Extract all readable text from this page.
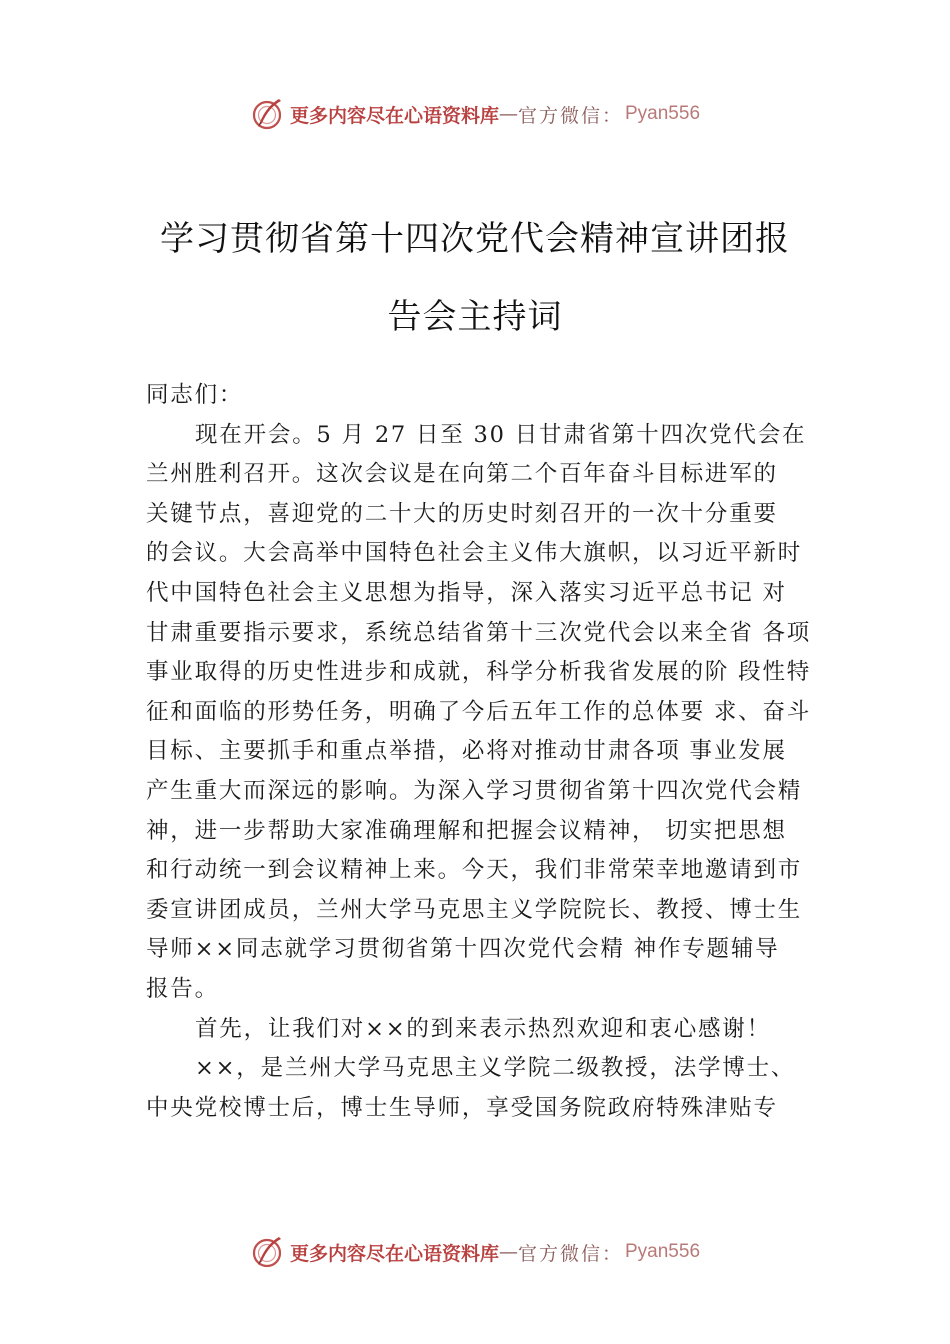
更多内容尽在心语资料库 — 官方微信： Pyan556
学习贯彻省第十四次党代会精神宣讲团报
告会主持词

同志们：

现在开会。5 月 27 日至 30 日甘肃省第十四次党代会在
兰州胜利召开。这次会议是在向第二个百年奋斗目标进军的
关键节点，喜迎党的二十大的历史时刻召开的一次十分重要
的会议。大会高举中国特色社会主义伟大旗帜，以习近平新时
代中国特色社会主义思想为指导，深入落实习近平总书记 对
甘肃重要指示要求，系统总结省第十三次党代会以来全省 各项
事业取得的历史性进步和成就，科学分析我省发展的阶 段性特
征和面临的形势任务，明确了今后五年工作的总体要 求、奋斗
目标、主要抓手和重点举措，必将对推动甘肃各项 事业发展
产生重大而深远的影响。为深入学习贯彻省第十四次党代会精
神，进一步帮助大家准确理解和把握会议精神， 切实把思想
和行动统一到会议精神上来。今天，我们非常荣幸地邀请到市
委宣讲团成员，兰州大学马克思主义学院院长、教授、博士生
导师××同志就学习贯彻省第十四次党代会精 神作专题辅导
报告。

首先，让我们对××的到来表示热烈欢迎和衷心感谢！

××，是兰州大学马克思主义学院二级教授，法学博士、
中央党校博士后，博士生导师，享受国务院政府特殊津贴专

更多内容尽在心语资料库 — 官方微信： Pyan556
